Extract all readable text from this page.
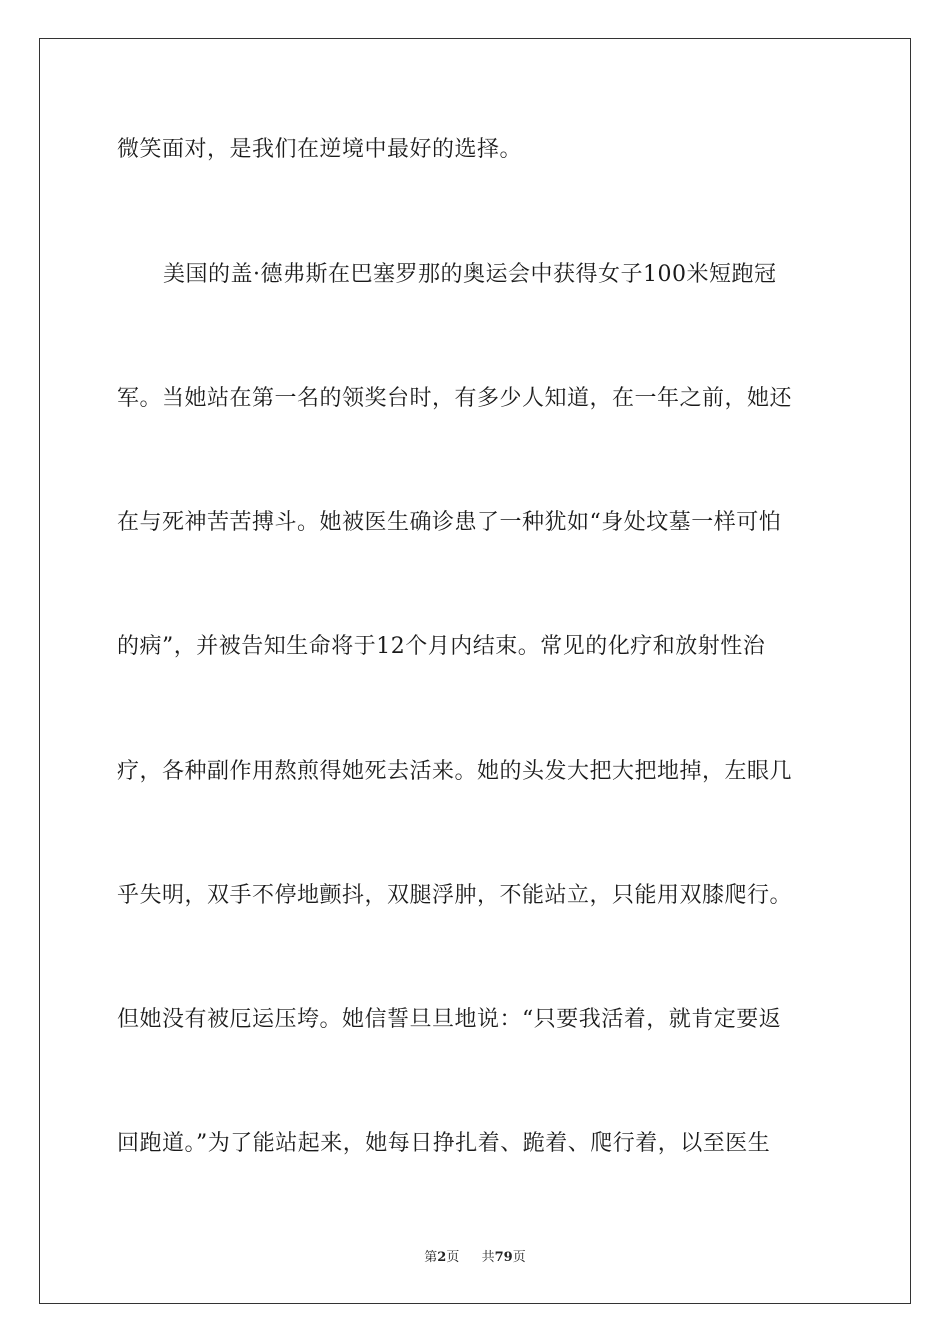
微笑面对，是我们在逆境中最好的选择。

美国的盖·德弗斯在巴塞罗那的奥运会中获得女子100米短跑冠

军。当她站在第一名的领奖台时，有多少人知道，在一年之前，她还

在与死神苦苦搏斗。她被医生确诊患了一种犹如“身处坟墓一样可怕

的病”，并被告知生命将于12个月内结束。常见的化疗和放射性治

疗，各种副作用熬煎得她死去活来。她的头发大把大把地掉，左眼几

乎失明，双手不停地颤抖，双腿浮肿，不能站立，只能用双膝爬行。

但她没有被厄运压垮。她信誓旦旦地说：“只要我活着，就肯定要返

回跑道。”为了能站起来，她每日挣扎着、跪着、爬行着，以至医生

第2页 共79页
